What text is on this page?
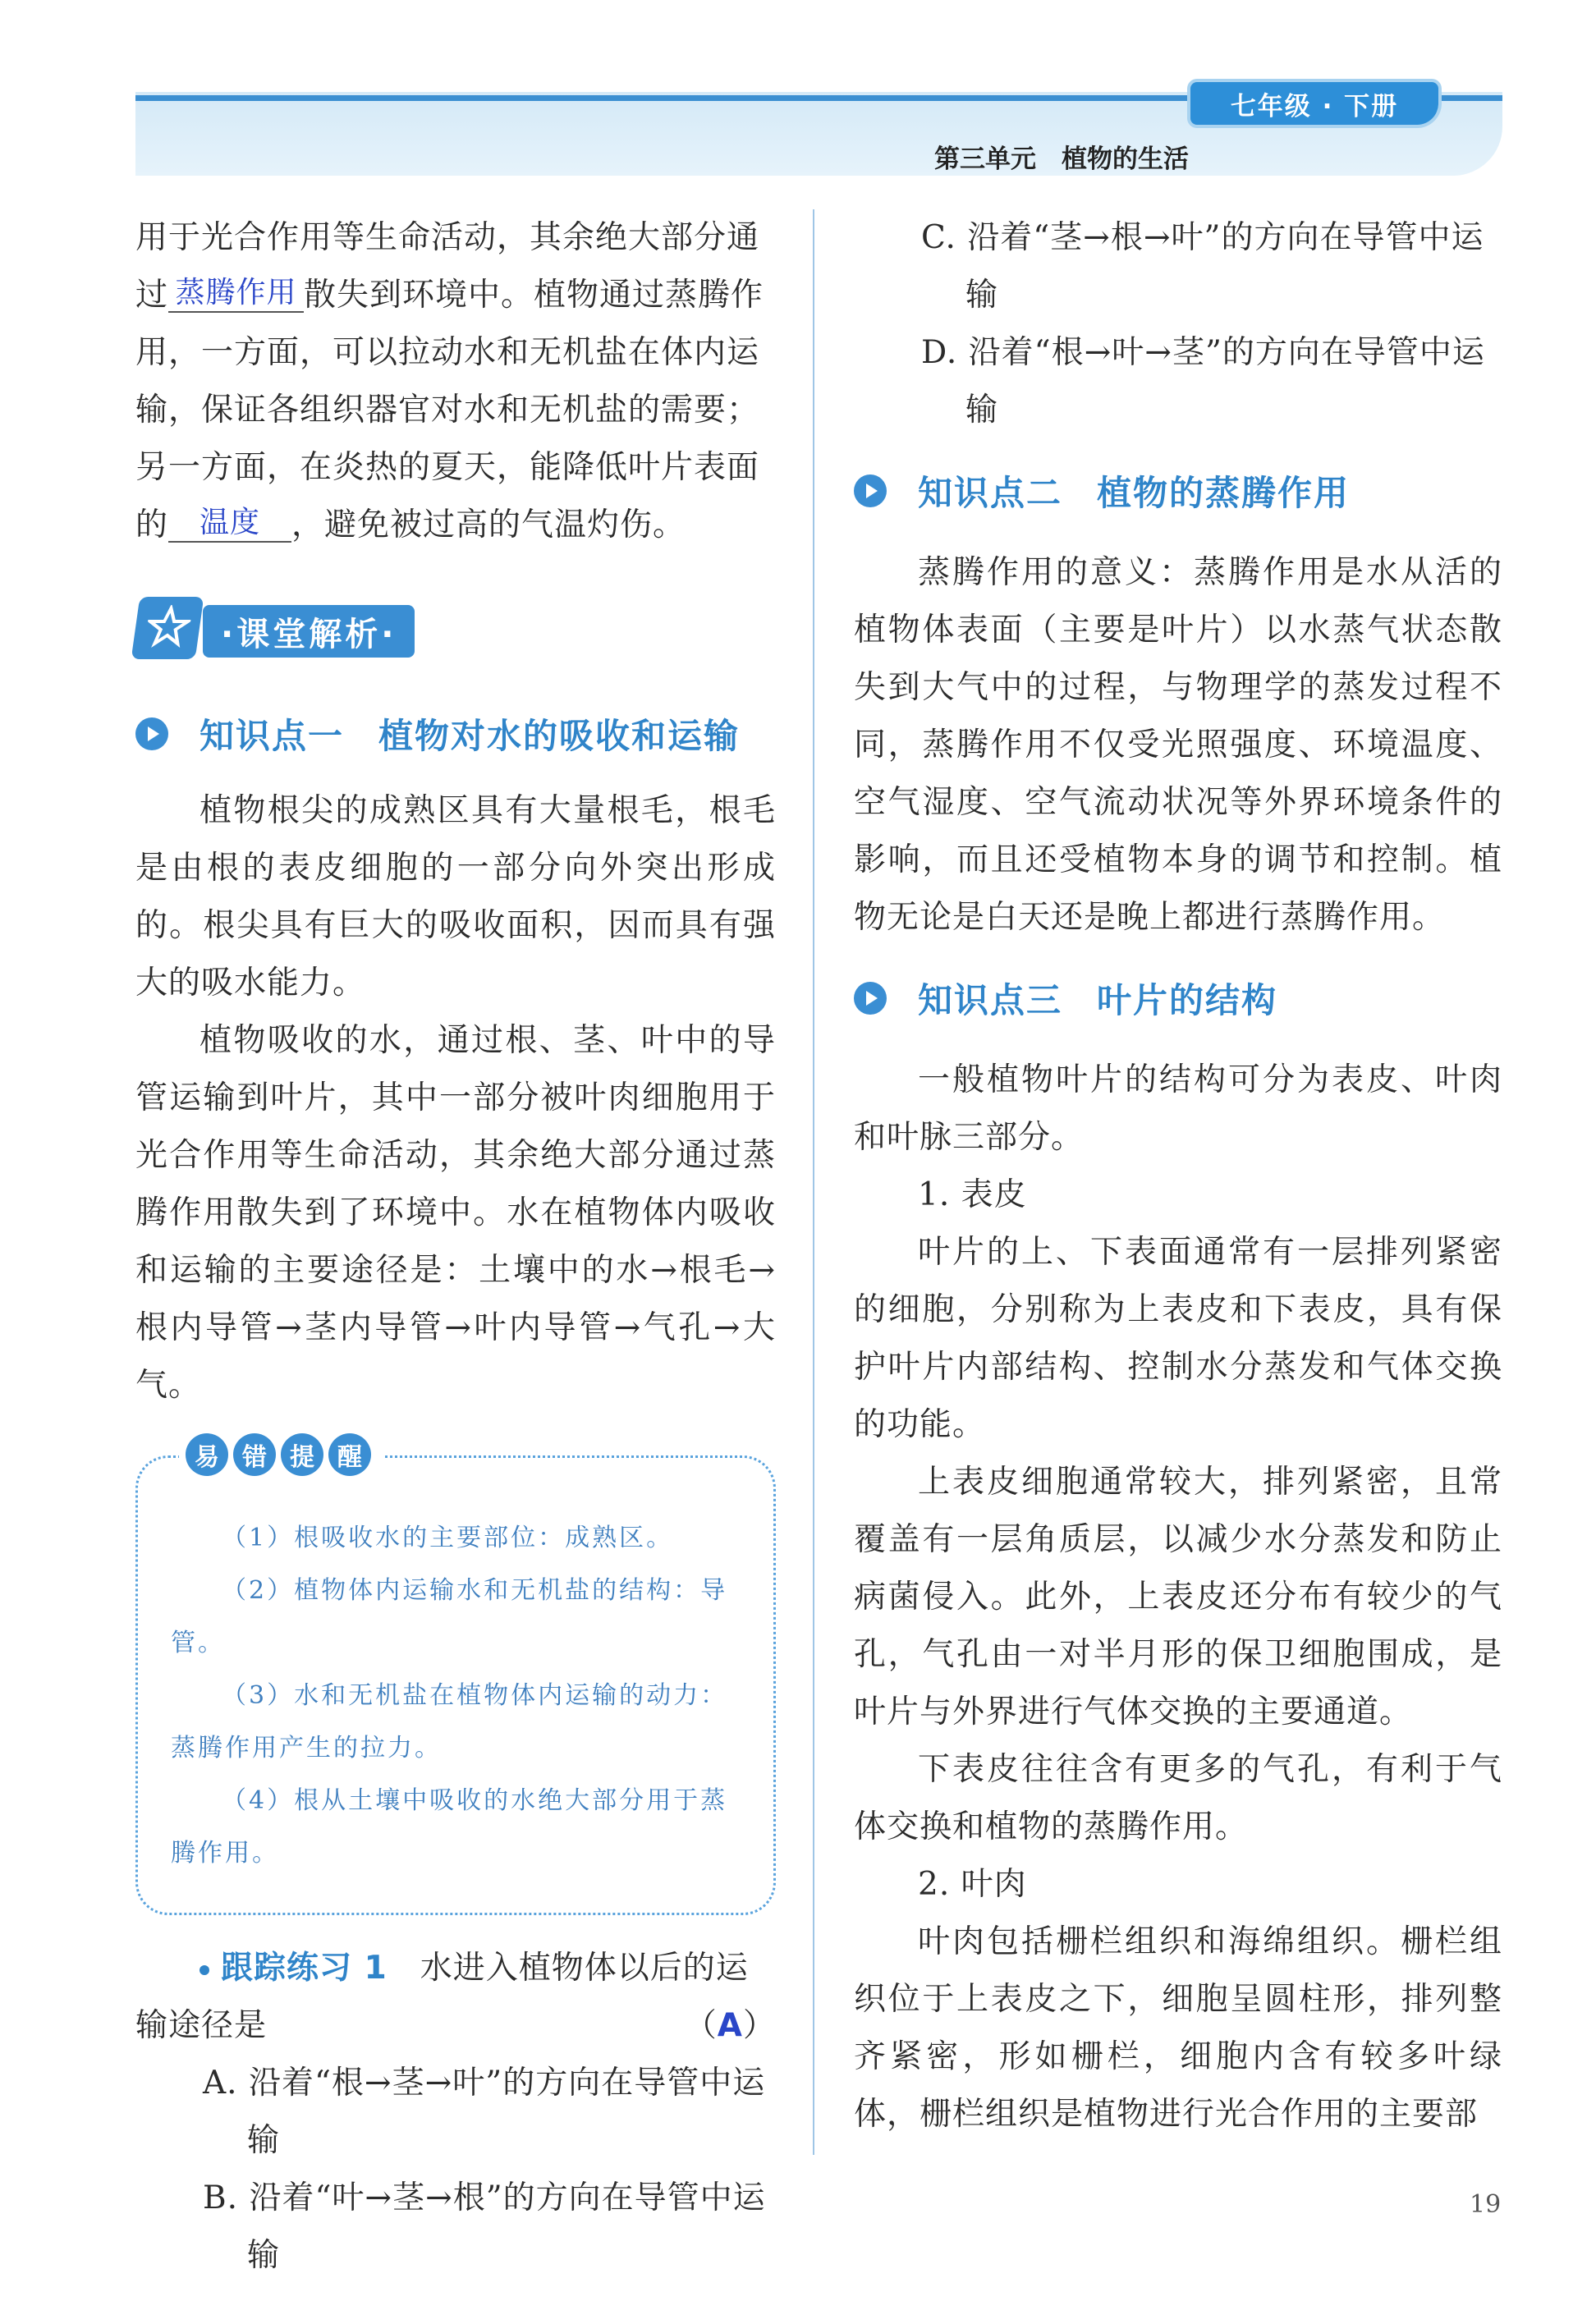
七年级 · 下册
第三单元　植物的生活

用于光合作用等生命活动，其余绝大部分通

过 蒸腾作用 散失到环境中。植物通过蒸腾作

用，一方面，可以拉动水和无机盐在体内运

输，保证各组织器官对水和无机盐的需要；

另一方面，在炎热的夏天，能降低叶片表面

的 温度 ，避免被过高的气温灼伤。

·课堂解析·
知识点一 植物对水的吸收和运输

植物根尖的成熟区具有大量根毛，根毛是由根的表皮细胞的一部分向外突出形成的。根尖具有巨大的吸收面积，因而具有强大的吸水能力。

植物吸收的水，通过根、茎、叶中的导管运输到叶片，其中一部分被叶肉细胞用于光合作用等生命活动，其余绝大部分通过蒸腾作用散失到了环境中。水在植物体内吸收和运输的主要途径是：土壤中的水→根毛→根内导管→茎内导管→叶内导管→气孔→大气。

易 错 提 醒
（1）根吸收水的主要部位：成熟区。
（2）植物体内运输水和无机盐的结构：导管。
（3）水和无机盐在植物体内运输的动力：蒸腾作用产生的拉力。
（4）根从土壤中吸收的水绝大部分用于蒸腾作用。

跟踪练习 1　 水进入植物体以后的运

输途径是	（A）

A. 沿着“根→茎→叶”的方向在导管中运输

B. 沿着“叶→茎→根”的方向在导管中运输

C. 沿着“茎→根→叶”的方向在导管中运输

D. 沿着“根→叶→茎”的方向在导管中运输

知识点二 植物的蒸腾作用

蒸腾作用的意义：蒸腾作用是水从活的植物体表面（主要是叶片）以水蒸气状态散失到大气中的过程，与物理学的蒸发过程不同，蒸腾作用不仅受光照强度、环境温度、空气湿度、空气流动状况等外界环境条件的影响，而且还受植物本身的调节和控制。植物无论是白天还是晚上都进行蒸腾作用。

知识点三 叶片的结构

一般植物叶片的结构可分为表皮、叶肉和叶脉三部分。

1. 表皮

叶片的上、下表面通常有一层排列紧密的细胞，分别称为上表皮和下表皮，具有保护叶片内部结构、控制水分蒸发和气体交换的功能。

上表皮细胞通常较大，排列紧密，且常覆盖有一层角质层，以减少水分蒸发和防止病菌侵入。此外，上表皮还分布有较少的气孔，气孔由一对半月形的保卫细胞围成，是叶片与外界进行气体交换的主要通道。

下表皮往往含有更多的气孔，有利于气体交换和植物的蒸腾作用。

2. 叶肉

叶肉包括栅栏组织和海绵组织。栅栏组织位于上表皮之下，细胞呈圆柱形，排列整齐紧密，形如栅栏，细胞内含有较多叶绿体，栅栏组织是植物进行光合作用的主要部

19
